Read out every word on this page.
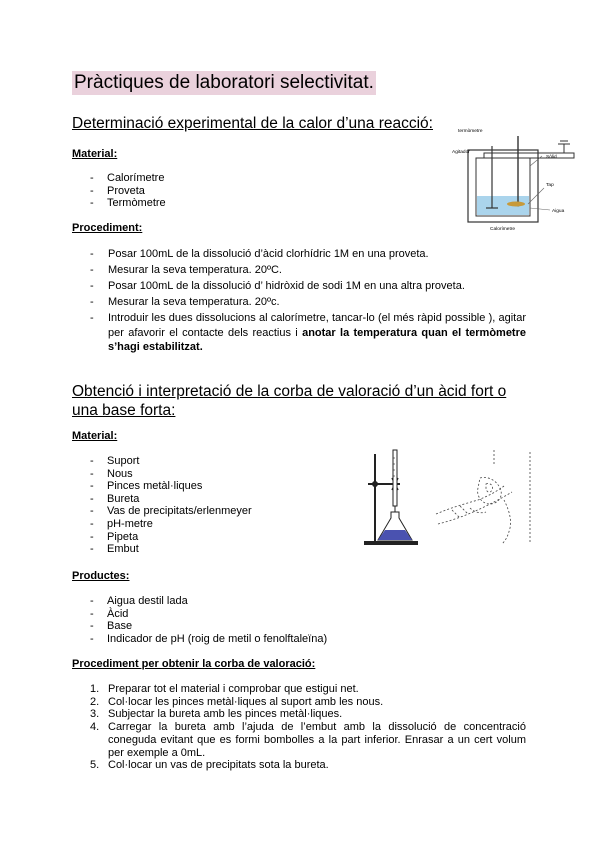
Pràctiques de laboratori selectivitat.
Determinació experimental de la calor d’una reacció:
Material:
- Calorímetre
- Proveta
- Termòmetre
Procediment:
- Posar 100mL de la dissolució d’àcid clorhídric 1M en una proveta.
- Mesurar la seva temperatura. 20ºC.
- Posar 100mL de la dissolució d’ hidròxid de sodi 1M en una altra proveta.
- Mesurar la seva temperatura. 20ºc.
- Introduir les dues dissolucions al calorímetre, tancar-lo (el més ràpid possible ), agitar per afavorir el contacte dels reactius i anotar la temperatura quan el termòmetre s’hagi estabilitzat.
termòmetre
Agitador
Sòlid
Tap
Aigua
Calorímetre
Obtenció i interpretació de la corba de valoració d’un àcid fort o una base forta:
Material:
- Suport
- Nous
- Pinces metàl·liques
- Bureta
- Vas de precipitats/erlenmeyer
- pH-metre
- Pipeta
- Embut
Productes:
- Aigua destil lada
- Àcid
- Base
- Indicador de pH (roig de metil o fenolftaleïna)
Procediment per obtenir la corba de valoració:
1. Preparar tot el material i comprobar que estigui net.
2. Col·locar les pinces metàl·liques al suport amb les nous.
3. Subjectar la bureta amb les pinces metàl·liques.
4. Carregar la bureta amb l’ajuda de l’embut amb la dissolució de concentració coneguda evitant que es formi bombolles a la part inferior. Enrasar a un cert volum per exemple a 0mL.
5. Col·locar un vas de precipitats sota la bureta.
